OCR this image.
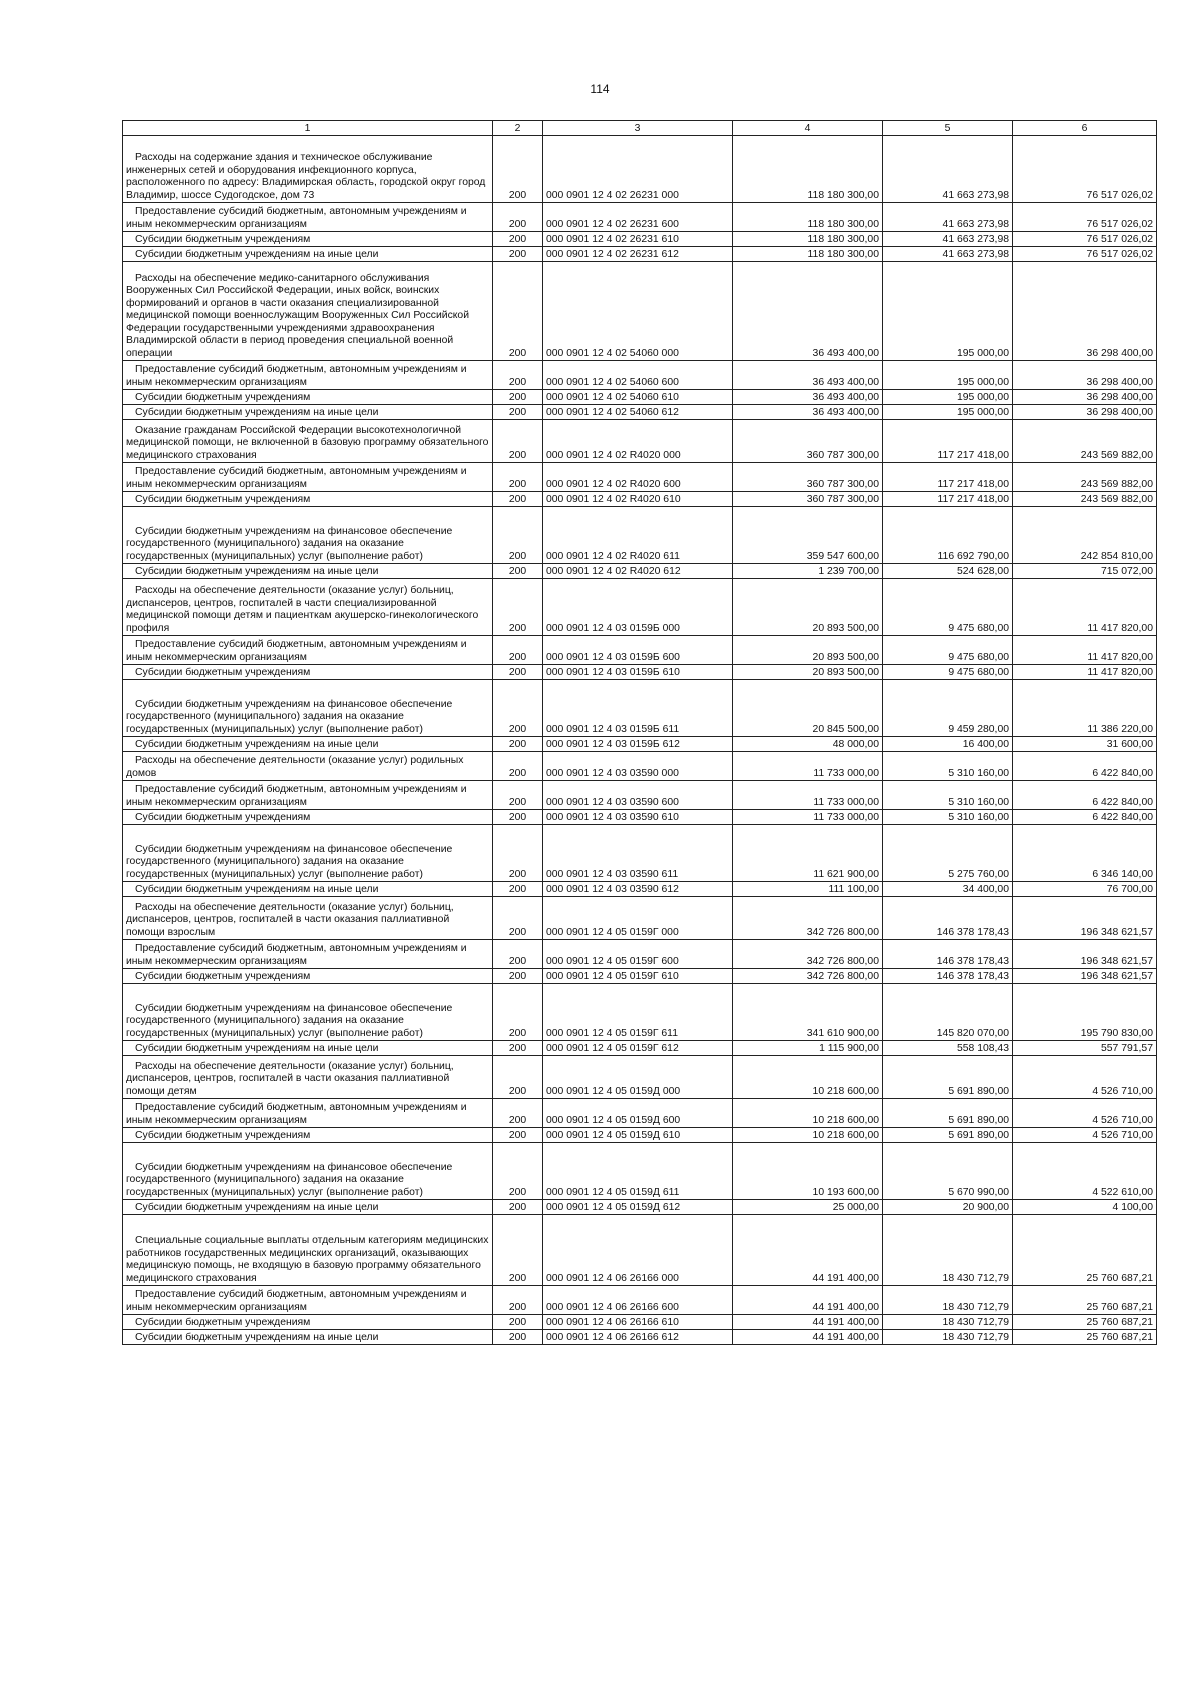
114
1	2	3	4	5	6
Расходы на содержание здания и техническое обслуживание инженерных сетей и оборудования инфекционного корпуса, расположенного по адресу: Владимирская область, городской округ город Владимир, шоссе Судогодское, дом 73	200	000 0901 12 4 02 26231 000	118 180 300,00	41 663 273,98	76 517 026,02
Предоставление субсидий бюджетным, автономным учреждениям и иным некоммерческим организациям	200	000 0901 12 4 02 26231 600	118 180 300,00	41 663 273,98	76 517 026,02
Субсидии бюджетным учреждениям	200	000 0901 12 4 02 26231 610	118 180 300,00	41 663 273,98	76 517 026,02
Субсидии бюджетным учреждениям на иные цели	200	000 0901 12 4 02 26231 612	118 180 300,00	41 663 273,98	76 517 026,02
Расходы на обеспечение медико-санитарного обслуживания Вооруженных Сил Российской Федерации, иных войск, воинских формирований и органов в части оказания специализированной медицинской помощи военнослужащим Вооруженных Сил Российской Федерации государственными учреждениями здравоохранения Владимирской области в период проведения специальной военной операции	200	000 0901 12 4 02 54060 000	36 493 400,00	195 000,00	36 298 400,00
Предоставление субсидий бюджетным, автономным учреждениям и иным некоммерческим организациям	200	000 0901 12 4 02 54060 600	36 493 400,00	195 000,00	36 298 400,00
Субсидии бюджетным учреждениям	200	000 0901 12 4 02 54060 610	36 493 400,00	195 000,00	36 298 400,00
Субсидии бюджетным учреждениям на иные цели	200	000 0901 12 4 02 54060 612	36 493 400,00	195 000,00	36 298 400,00
Оказание гражданам Российской Федерации высокотехнологичной медицинской помощи, не включенной в базовую программу обязательного медицинского страхования	200	000 0901 12 4 02 R4020 000	360 787 300,00	117 217 418,00	243 569 882,00
Предоставление субсидий бюджетным, автономным учреждениям и иным некоммерческим организациям	200	000 0901 12 4 02 R4020 600	360 787 300,00	117 217 418,00	243 569 882,00
Субсидии бюджетным учреждениям	200	000 0901 12 4 02 R4020 610	360 787 300,00	117 217 418,00	243 569 882,00
Субсидии бюджетным учреждениям на финансовое обеспечение государственного (муниципального) задания на оказание государственных (муниципальных) услуг (выполнение работ)	200	000 0901 12 4 02 R4020 611	359 547 600,00	116 692 790,00	242 854 810,00
Субсидии бюджетным учреждениям на иные цели	200	000 0901 12 4 02 R4020 612	1 239 700,00	524 628,00	715 072,00
Расходы на обеспечение деятельности (оказание услуг) больниц, диспансеров, центров, госпиталей в части специализированной медицинской помощи детям и пациенткам акушерско-гинекологического профиля	200	000 0901 12 4 03 0159Б 000	20 893 500,00	9 475 680,00	11 417 820,00
Предоставление субсидий бюджетным, автономным учреждениям и иным некоммерческим организациям	200	000 0901 12 4 03 0159Б 600	20 893 500,00	9 475 680,00	11 417 820,00
Субсидии бюджетным учреждениям	200	000 0901 12 4 03 0159Б 610	20 893 500,00	9 475 680,00	11 417 820,00
Субсидии бюджетным учреждениям на финансовое обеспечение государственного (муниципального) задания на оказание государственных (муниципальных) услуг (выполнение работ)	200	000 0901 12 4 03 0159Б 611	20 845 500,00	9 459 280,00	11 386 220,00
Субсидии бюджетным учреждениям на иные цели	200	000 0901 12 4 03 0159Б 612	48 000,00	16 400,00	31 600,00
Расходы на обеспечение деятельности (оказание услуг) родильных домов	200	000 0901 12 4 03 03590 000	11 733 000,00	5 310 160,00	6 422 840,00
Предоставление субсидий бюджетным, автономным учреждениям и иным некоммерческим организациям	200	000 0901 12 4 03 03590 600	11 733 000,00	5 310 160,00	6 422 840,00
Субсидии бюджетным учреждениям	200	000 0901 12 4 03 03590 610	11 733 000,00	5 310 160,00	6 422 840,00
Субсидии бюджетным учреждениям на финансовое обеспечение государственного (муниципального) задания на оказание государственных (муниципальных) услуг (выполнение работ)	200	000 0901 12 4 03 03590 611	11 621 900,00	5 275 760,00	6 346 140,00
Субсидии бюджетным учреждениям на иные цели	200	000 0901 12 4 03 03590 612	111 100,00	34 400,00	76 700,00
Расходы на обеспечение деятельности (оказание услуг) больниц, диспансеров, центров, госпиталей в части оказания паллиативной помощи взрослым	200	000 0901 12 4 05 0159Г 000	342 726 800,00	146 378 178,43	196 348 621,57
Предоставление субсидий бюджетным, автономным учреждениям и иным некоммерческим организациям	200	000 0901 12 4 05 0159Г 600	342 726 800,00	146 378 178,43	196 348 621,57
Субсидии бюджетным учреждениям	200	000 0901 12 4 05 0159Г 610	342 726 800,00	146 378 178,43	196 348 621,57
Субсидии бюджетным учреждениям на финансовое обеспечение государственного (муниципального) задания на оказание государственных (муниципальных) услуг (выполнение работ)	200	000 0901 12 4 05 0159Г 611	341 610 900,00	145 820 070,00	195 790 830,00
Субсидии бюджетным учреждениям на иные цели	200	000 0901 12 4 05 0159Г 612	1 115 900,00	558 108,43	557 791,57
Расходы на обеспечение деятельности (оказание услуг) больниц, диспансеров, центров, госпиталей в части оказания паллиативной помощи детям	200	000 0901 12 4 05 0159Д 000	10 218 600,00	5 691 890,00	4 526 710,00
Предоставление субсидий бюджетным, автономным учреждениям и иным некоммерческим организациям	200	000 0901 12 4 05 0159Д 600	10 218 600,00	5 691 890,00	4 526 710,00
Субсидии бюджетным учреждениям	200	000 0901 12 4 05 0159Д 610	10 218 600,00	5 691 890,00	4 526 710,00
Субсидии бюджетным учреждениям на финансовое обеспечение государственного (муниципального) задания на оказание государственных (муниципальных) услуг (выполнение работ)	200	000 0901 12 4 05 0159Д 611	10 193 600,00	5 670 990,00	4 522 610,00
Субсидии бюджетным учреждениям на иные цели	200	000 0901 12 4 05 0159Д 612	25 000,00	20 900,00	4 100,00
Специальные социальные выплаты отдельным категориям медицинских работников государственных медицинских организаций, оказывающих медицинскую помощь, не входящую в базовую программу обязательного медицинского страхования	200	000 0901 12 4 06 26166 000	44 191 400,00	18 430 712,79	25 760 687,21
Предоставление субсидий бюджетным, автономным учреждениям и иным некоммерческим организациям	200	000 0901 12 4 06 26166 600	44 191 400,00	18 430 712,79	25 760 687,21
Субсидии бюджетным учреждениям	200	000 0901 12 4 06 26166 610	44 191 400,00	18 430 712,79	25 760 687,21
Субсидии бюджетным учреждениям на иные цели	200	000 0901 12 4 06 26166 612	44 191 400,00	18 430 712,79	25 760 687,21
